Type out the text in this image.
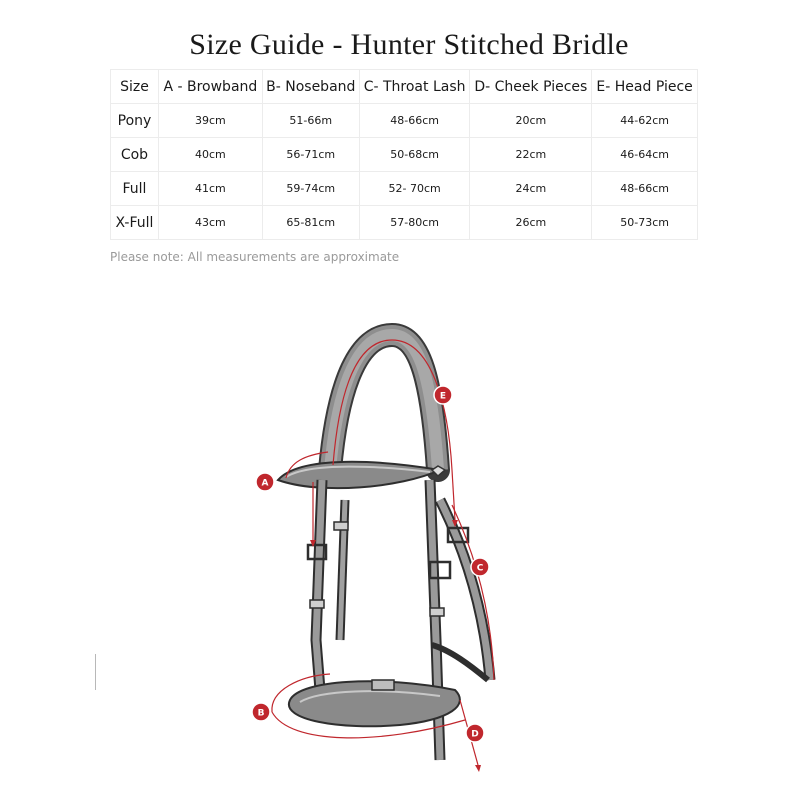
Size Guide - Hunter Stitched Bridle
Size	A - Browband	B- Noseband	C- Throat Lash	D- Cheek Pieces	E- Head Piece
Pony	39cm	51-66m	48-66cm	20cm	44-62cm
Cob	40cm	56-71cm	50-68cm	22cm	46-64cm
Full	41cm	59-74cm	52- 70cm	24cm	48-66cm
X-Full	43cm	65-81cm	57-80cm	26cm	50-73cm
Please note: All measurements are approximate
A
E
C
B
D
